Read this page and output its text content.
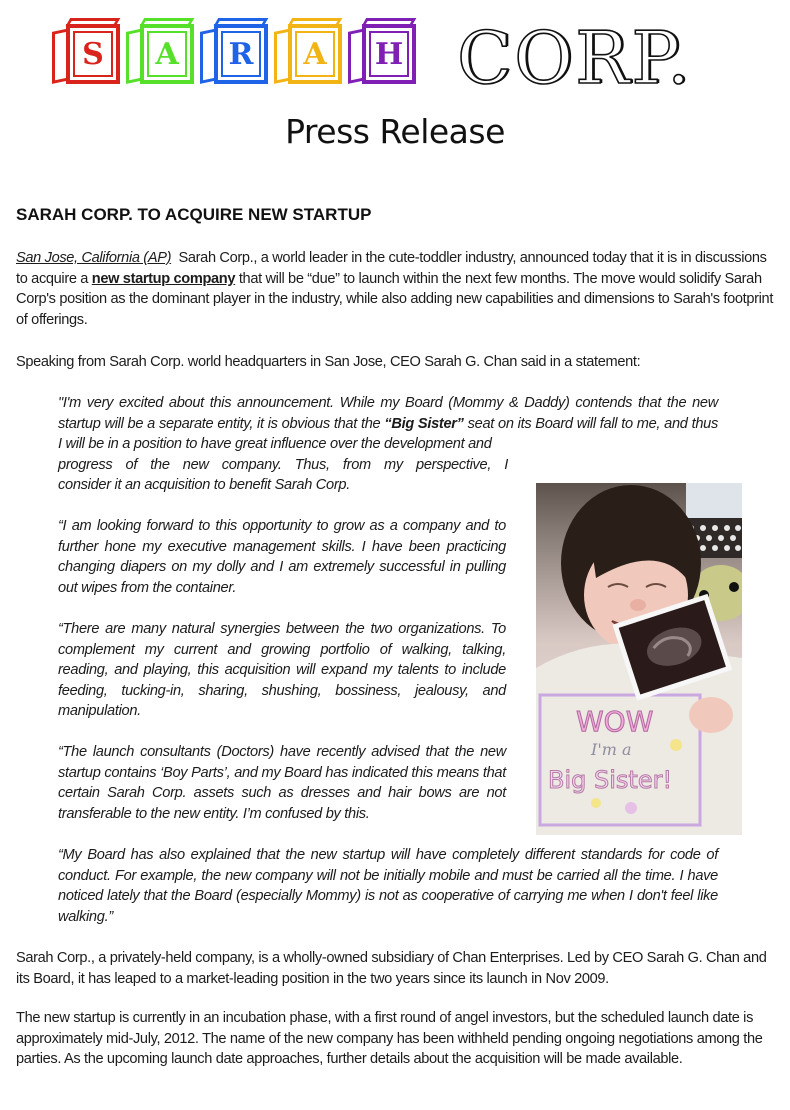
S A R A H CORP.
Press Release
SARAH CORP. TO ACQUIRE NEW STARTUP
San Jose, California (AP)  Sarah Corp., a world leader in the cute-toddler industry, announced today that it is in discussions to acquire a new startup company that will be “due” to launch within the next few months. The move would solidify Sarah Corp's position as the dominant player in the industry, while also adding new capabilities and dimensions to Sarah's footprint of offerings.
Speaking from Sarah Corp. world headquarters in San Jose, CEO Sarah G. Chan said in a statement:
"I'm very excited about this announcement. While my Board (Mommy & Daddy) contends that the new startup will be a separate entity, it is obvious that the “Big Sister” seat on its Board will fall to me, and thus I will be in a position to have great influence over the development and
progress of the new company. Thus, from my perspective, I
consider it an acquisition to benefit Sarah Corp.
“I am looking forward to this opportunity to grow as a company and to further hone my executive management skills. I have been practicing changing diapers on my dolly and I am extremely successful in pulling out wipes from the container.
“There are many natural synergies between the two organizations. To complement my current and growing portfolio of walking, talking, reading, and playing, this acquisition will expand my talents to include feeding, tucking-in, sharing, shushing, bossiness, jealousy, and manipulation.
“The launch consultants (Doctors) have recently advised that the new startup contains ‘Boy Parts’, and my Board has indicated this means that certain Sarah Corp. assets such as dresses and hair bows are not transferable to the new entity. I’m confused by this.
“My Board has also explained that the new startup will have completely different standards for code of conduct. For example, the new company will not be initially mobile and must be carried all the time. I have noticed lately that the Board (especially Mommy) is not as cooperative of carrying me when I don't feel like walking.”
Sarah Corp., a privately-held company, is a wholly-owned subsidiary of Chan Enterprises. Led by CEO Sarah G. Chan and its Board, it has leaped to a market-leading position in the two years since its launch in Nov 2009.
The new startup is currently in an incubation phase, with a first round of angel investors, but the scheduled launch date is approximately mid-July, 2012. The name of the new company has been withheld pending ongoing negotiations among the parties. As the upcoming launch date approaches, further details about the acquisition will be made available.
WOW
I'm a
Big Sister!
